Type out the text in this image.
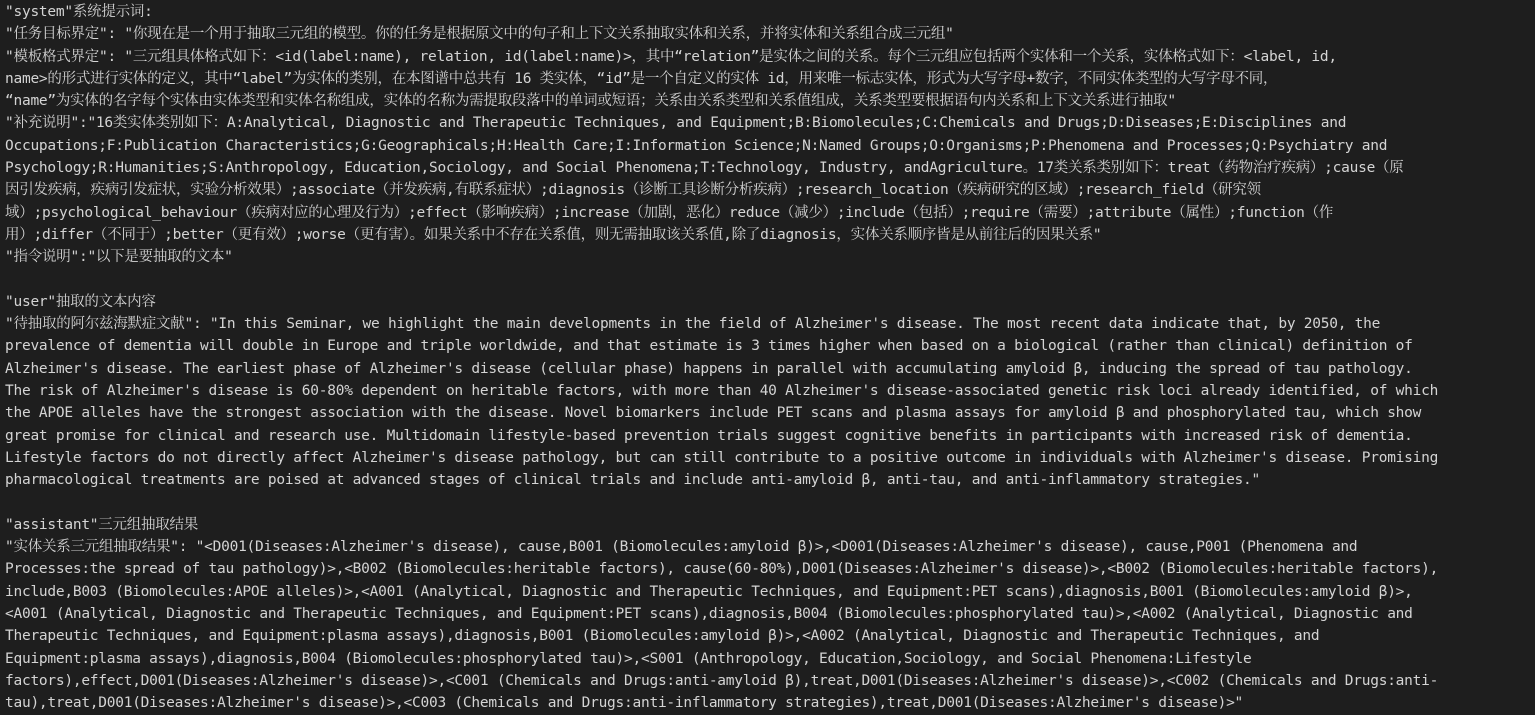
"system"系统提示词:
"任务目标界定": "你现在是一个用于抽取三元组的模型。你的任务是根据原文中的句子和上下文关系抽取实体和关系，并将实体和关系组合成三元组"
"模板格式界定": "三元组具体格式如下：<id(label:name), relation, id(label:name)>，其中“relation”是实体之间的关系。每个三元组应包括两个实体和一个关系，实体格式如下：<label, id,
name>的形式进行实体的定义，其中“label”为实体的类别，在本图谱中总共有 16 类实体，“id”是一个自定义的实体 id，用来唯一标志实体，形式为大写字母+数字，不同实体类型的大写字母不同，
“name”为实体的名字每个实体由实体类型和实体名称组成，实体的名称为需提取段落中的单词或短语；关系由关系类型和关系值组成，关系类型要根据语句内关系和上下文关系进行抽取"
"补充说明":"16类实体类别如下：A:Analytical, Diagnostic and Therapeutic Techniques, and Equipment;B:Biomolecules;C:Chemicals and Drugs;D:Diseases;E:Disciplines and
Occupations;F:Publication Characteristics;G:Geographicals;H:Health Care;I:Information Science;N:Named Groups;O:Organisms;P:Phenomena and Processes;Q:Psychiatry and
Psychology;R:Humanities;S:Anthropology, Education,Sociology, and Social Phenomena;T:Technology, Industry, andAgriculture。17类关系类别如下：treat（药物治疗疾病）;cause（原
因引发疾病，疾病引发症状，实验分析效果）;associate（并发疾病,有联系症状）;diagnosis（诊断工具诊断分析疾病）;research_location（疾病研究的区域）;research_field（研究领
域）;psychological_behaviour（疾病对应的心理及行为）;effect（影响疾病）;increase（加剧，恶化）reduce（减少）;include（包括）;require（需要）;attribute（属性）;function（作
用）;differ（不同于）;better（更有效）;worse（更有害）。如果关系中不存在关系值，则无需抽取该关系值,除了diagnosis，实体关系顺序皆是从前往后的因果关系"
"指令说明":"以下是要抽取的文本"
"user"抽取的文本内容
"待抽取的阿尔兹海默症文献": "In this Seminar, we highlight the main developments in the field of Alzheimer's disease. The most recent data indicate that, by 2050, the
prevalence of dementia will double in Europe and triple worldwide, and that estimate is 3 times higher when based on a biological (rather than clinical) definition of
Alzheimer's disease. The earliest phase of Alzheimer's disease (cellular phase) happens in parallel with accumulating amyloid β, inducing the spread of tau pathology.
The risk of Alzheimer's disease is 60-80% dependent on heritable factors, with more than 40 Alzheimer's disease-associated genetic risk loci already identified, of which
the APOE alleles have the strongest association with the disease. Novel biomarkers include PET scans and plasma assays for amyloid β and phosphorylated tau, which show
great promise for clinical and research use. Multidomain lifestyle-based prevention trials suggest cognitive benefits in participants with increased risk of dementia.
Lifestyle factors do not directly affect Alzheimer's disease pathology, but can still contribute to a positive outcome in individuals with Alzheimer's disease. Promising
pharmacological treatments are poised at advanced stages of clinical trials and include anti-amyloid β, anti-tau, and anti-inflammatory strategies."
"assistant"三元组抽取结果
"实体关系三元组抽取结果": "<D001(Diseases:Alzheimer's disease), cause,B001 (Biomolecules:amyloid β)>,<D001(Diseases:Alzheimer's disease), cause,P001 (Phenomena and
Processes:the spread of tau pathology)>,<B002 (Biomolecules:heritable factors), cause(60-80%),D001(Diseases:Alzheimer's disease)>,<B002 (Biomolecules:heritable factors),
include,B003 (Biomolecules:APOE alleles)>,<A001 (Analytical, Diagnostic and Therapeutic Techniques, and Equipment:PET scans),diagnosis,B001 (Biomolecules:amyloid β)>,
<A001 (Analytical, Diagnostic and Therapeutic Techniques, and Equipment:PET scans),diagnosis,B004 (Biomolecules:phosphorylated tau)>,<A002 (Analytical, Diagnostic and
Therapeutic Techniques, and Equipment:plasma assays),diagnosis,B001 (Biomolecules:amyloid β)>,<A002 (Analytical, Diagnostic and Therapeutic Techniques, and
Equipment:plasma assays),diagnosis,B004 (Biomolecules:phosphorylated tau)>,<S001 (Anthropology, Education,Sociology, and Social Phenomena:Lifestyle
factors),effect,D001(Diseases:Alzheimer's disease)>,<C001 (Chemicals and Drugs:anti-amyloid β),treat,D001(Diseases:Alzheimer's disease)>,<C002 (Chemicals and Drugs:anti-
tau),treat,D001(Diseases:Alzheimer's disease)>,<C003 (Chemicals and Drugs:anti-inflammatory strategies),treat,D001(Diseases:Alzheimer's disease)>"
